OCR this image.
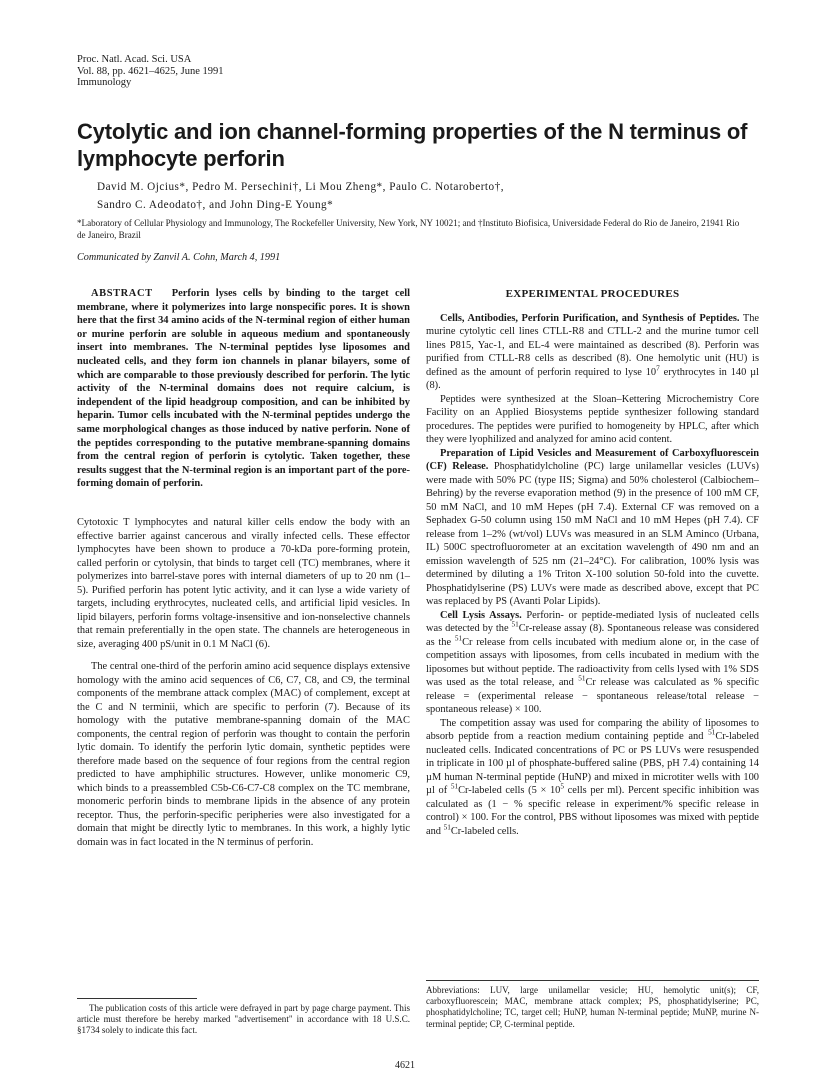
Proc. Natl. Acad. Sci. USA
Vol. 88, pp. 4621–4625, June 1991
Immunology
Cytolytic and ion channel-forming properties of the N terminus of
lymphocyte perforin
David M. Ojcius*, Pedro M. Persechini†, Li Mou Zheng*, Paulo C. Notaroberto†,
Sandro C. Adeodato†, and John Ding-E Young*
*Laboratory of Cellular Physiology and Immunology, The Rockefeller University, New York, NY 10021; and †Instituto Biofisica, Universidade Federal do Rio de Janeiro, 21941 Rio de Janeiro, Brazil
Communicated by Zanvil A. Cohn, March 4, 1991
ABSTRACT Perforin lyses cells by binding to the target cell membrane, where it polymerizes into large nonspecific pores. It is shown here that the first 34 amino acids of the N-terminal region of either human or murine perforin are soluble in aqueous medium and spontaneously insert into membranes. The N-terminal peptides lyse liposomes and nucleated cells, and they form ion channels in planar bilayers, some of which are comparable to those previously described for perforin. The lytic activity of the N-terminal domains does not require calcium, is independent of the lipid headgroup composition, and can be inhibited by heparin. Tumor cells incubated with the N-terminal peptides undergo the same morphological changes as those induced by native perforin. None of the peptides corresponding to the putative membrane-spanning domains from the central region of perforin is cytolytic. Taken together, these results suggest that the N-terminal region is an important part of the pore-forming domain of perforin.

Cytotoxic T lymphocytes and natural killer cells endow the body with an effective barrier against cancerous and virally infected cells. These effector lymphocytes have been shown to produce a 70-kDa pore-forming protein, called perforin or cytolysin, that binds to target cell (TC) membranes, where it polymerizes into barrel-stave pores with internal diameters of up to 20 nm (1–5). Purified perforin has potent lytic activity, and it can lyse a wide variety of targets, including erythrocytes, nucleated cells, and artificial lipid vesicles. In lipid bilayers, perforin forms voltage-insensitive and ion-nonselective channels that remain preferentially in the open state. The channels are heterogeneous in size, averaging 400 pS/unit in 0.1 M NaCl (6).

The central one-third of the perforin amino acid sequence displays extensive homology with the amino acid sequences of C6, C7, C8, and C9, the terminal components of the membrane attack complex (MAC) of complement, except at the C and N terminii, which are specific to perforin (7). Because of its homology with the putative membrane-spanning domain of the MAC components, the central region of perforin was thought to contain the perforin lytic domain. To identify the perforin lytic domain, synthetic peptides were therefore made based on the sequence of four regions from the central region predicted to have amphiphilic structures. However, unlike monomeric C9, which binds to a preassembled C5b-C6-C7-C8 complex on the TC membrane, monomeric perforin binds to membrane lipids in the absence of any protein receptor. Thus, the perforin-specific peripheries were also investigated for a domain that might be directly lytic to membranes. In this work, a highly lytic domain was in fact located in the N terminus of perforin.

EXPERIMENTAL PROCEDURES

Cells, Antibodies, Perforin Purification, and Synthesis of Peptides. The murine cytolytic cell lines CTLL-R8 and CTLL-2 and the murine tumor cell lines P815, Yac-1, and EL-4 were maintained as described (8). Perforin was purified from CTLL-R8 cells as described (8). One hemolytic unit (HU) is defined as the amount of perforin required to lyse $10^7$ erythrocytes in 140 µl (8).

Peptides were synthesized at the Sloan–Kettering Microchemistry Core Facility on an Applied Biosystems peptide synthesizer following standard procedures. The peptides were purified to homogeneity by HPLC, after which they were lyophilized and analyzed for amino acid content.

Preparation of Lipid Vesicles and Measurement of Carboxyfluorescein (CF) Release. Phosphatidylcholine (PC) large unilamellar vesicles (LUVs) were made with 50% PC (type IIS; Sigma) and 50% cholesterol (Calbiochem–Behring) by the reverse evaporation method (9) in the presence of 100 mM CF, 50 mM NaCl, and 10 mM Hepes (pH 7.4). External CF was removed on a Sephadex G-50 column using 150 mM NaCl and 10 mM Hepes (pH 7.4). CF release from 1–2% (wt/vol) LUVs was measured in an SLM Aminco (Urbana, IL) 500C spectrofluorometer at an excitation wavelength of 490 nm and an emission wavelength of 525 nm (21–24°C). For calibration, 100% lysis was determined by diluting a 1% Triton X-100 solution 50-fold into the cuvette. Phosphatidylserine (PS) LUVs were made as described above, except that PC was replaced by PS (Avanti Polar Lipids).

Cell Lysis Assays. Perforin- or peptide-mediated lysis of nucleated cells was detected by the $^{51}$Cr-release assay (8). Spontaneous release was considered as the $^{51}$Cr release from cells incubated with medium alone or, in the case of competition assays with liposomes, from cells incubated in medium with the liposomes but without peptide. The radioactivity from cells lysed with 1% SDS was used as the total release, and $^{51}$Cr release was calculated as % specific release = (experimental release − spontaneous release/total release − spontaneous release) × 100.

The competition assay was used for comparing the ability of liposomes to absorb peptide from a reaction medium containing peptide and $^{51}$Cr-labeled nucleated cells. Indicated concentrations of PC or PS LUVs were resuspended in triplicate in 100 µl of phosphate-buffered saline (PBS, pH 7.4) containing 14 µM human N-terminal peptide (HuNP) and mixed in microtiter wells with 100 µl of $^{51}$Cr-labeled cells ($5 \times 10^5$ cells per ml). Percent specific inhibition was calculated as (1 − % specific release in experiment/% specific release in control) × 100. For the control, PBS without liposomes was mixed with peptide and $^{51}$Cr-labeled cells.

Abbreviations: LUV, large unilamellar vesicle; HU, hemolytic unit(s); CF, carboxyfluorescein; MAC, membrane attack complex; PS, phosphatidylserine; PC, phosphatidylcholine; TC, target cell; HuNP, human N-terminal peptide; MuNP, murine N-terminal peptide; CP, C-terminal peptide.

The publication costs of this article were defrayed in part by page charge payment. This article must therefore be hereby marked "advertisement" in accordance with 18 U.S.C. §1734 solely to indicate this fact.

4621
